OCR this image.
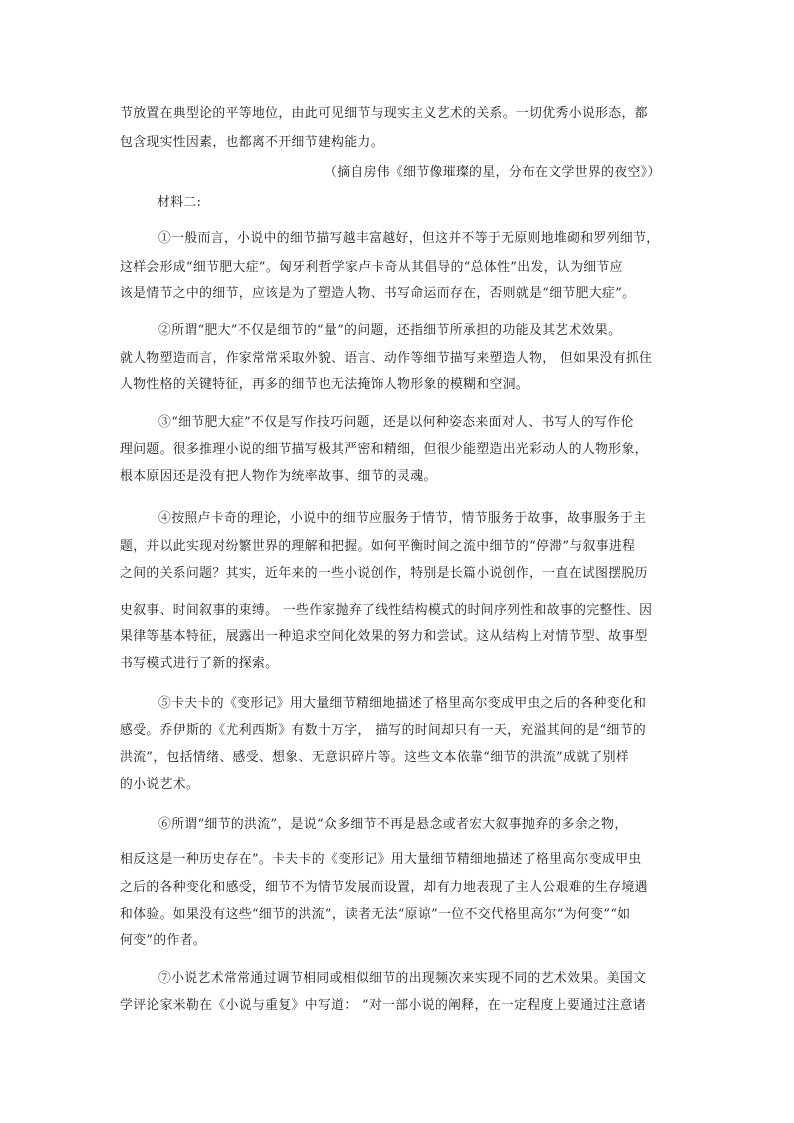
节放置在典型论的平等地位，由此可见细节与现实主义艺术的关系。一切优秀小说形态，都
包含现实性因素，也都离不开细节建构能力。
（摘自房伟《细节像璀璨的星，分布在文学世界的夜空》）
材料二:
①一般而言，小说中的细节描写越丰富越好，但这并不等于无原则地堆砌和罗列细节，
这样会形成“细节肥大症”。匈牙利哲学家卢卡奇从其倡导的“总体性”出发，认为细节应
该是情节之中的细节，应该是为了塑造人物、书写命运而存在，否则就是“细节肥大症”。
②所谓“肥大”不仅是细节的“量”的问题，还指细节所承担的功能及其艺术效果。
就人物塑造而言，作家常常采取外貌、语言、动作等细节描写来塑造人物， 但如果没有抓住
人物性格的关键特征，再多的细节也无法掩饰人物形象的模糊和空洞。
③“细节肥大症”不仅是写作技巧问题，还是以何种姿态来面对人、书写人的写作伦
理问题。很多推理小说的细节描写极其严密和精细，但很少能塑造出光彩动人的人物形象，
根本原因还是没有把人物作为统率故事、细节的灵魂。
④按照卢卡奇的理论，小说中的细节应服务于情节，情节服务于故事，故事服务于主
题，并以此实现对纷繁世界的理解和把握。如何平衡时间之流中细节的“停滞”与叙事进程
之间的关系问题？其实，近年来的一些小说创作，特别是长篇小说创作，一直在试图摆脱历
史叙事、时间叙事的束缚。 一些作家抛弃了线性结构模式的时间序列性和故事的完整性、因
果律等基本特征，展露出一种追求空间化效果的努力和尝试。这从结构上对情节型、故事型
书写模式进行了新的探索。
⑤卡夫卡的《变形记》用大量细节精细地描述了格里高尔变成甲虫之后的各种变化和
感受。乔伊斯的《尤利西斯》有数十万字， 描写的时间却只有一天，充溢其间的是“细节的
洪流”，包括情绪、感受、想象、无意识碎片等。这些文本依靠“细节的洪流”成就了别样
的小说艺术。
⑥所谓“细节的洪流”，是说“众多细节不再是悬念或者宏大叙事抛弃的多余之物，
相反这是一种历史存在”。卡夫卡的《变形记》用大量细节精细地描述了格里高尔变成甲虫
之后的各种变化和感受，细节不为情节发展而设置，却有力地表现了主人公艰难的生存境遇
和体验。如果没有这些“细节的洪流”，读者无法“原谅”一位不交代格里高尔“为何变”“如
何变”的作者。
⑦小说艺术常常通过调节相同或相似细节的出现频次来实现不同的艺术效果。美国文
学评论家米勒在《小说与重复》中写道： “对一部小说的阐释，在一定程度上要通过注意诸
